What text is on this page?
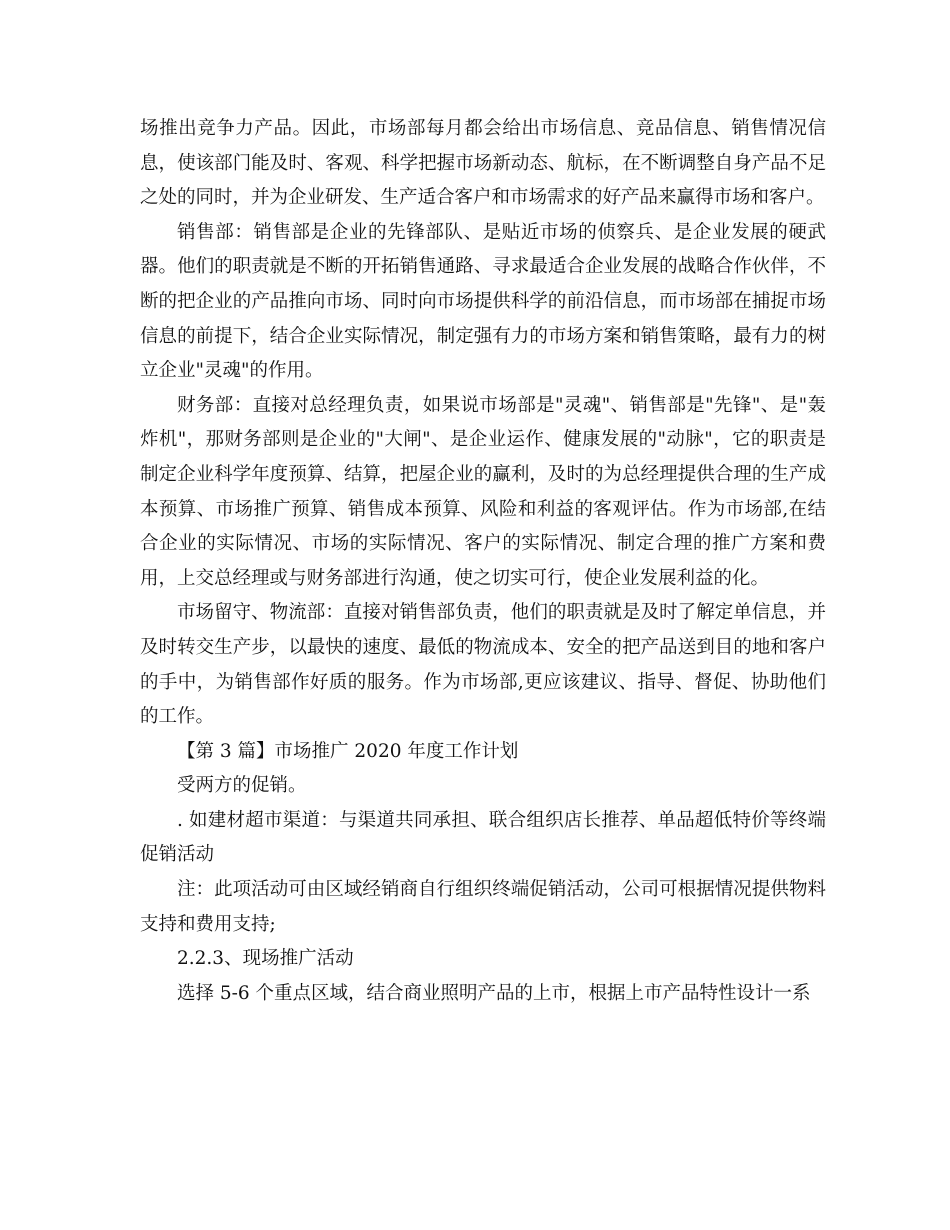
场推出竞争力产品。因此，市场部每月都会给出市场信息、竞品信息、销售情况信息，使该部门能及时、客观、科学把握市场新动态、航标，在不断调整自身产品不足之处的同时，并为企业研发、生产适合客户和市场需求的好产品来赢得市场和客户。

销售部：销售部是企业的先锋部队、是贴近市场的侦察兵、是企业发展的硬武器。他们的职责就是不断的开拓销售通路、寻求最适合企业发展的战略合作伙伴，不断的把企业的产品推向市场、同时向市场提供科学的前沿信息，而市场部在捕捉市场信息的前提下，结合企业实际情况，制定强有力的市场方案和销售策略，最有力的树立企业"灵魂"的作用。

财务部：直接对总经理负责，如果说市场部是"灵魂"、销售部是"先锋"、是"轰炸机"，那财务部则是企业的"大闸"、是企业运作、健康发展的"动脉"，它的职责是制定企业科学年度预算、结算，把屋企业的赢利，及时的为总经理提供合理的生产成本预算、市场推广预算、销售成本预算、风险和利益的客观评估。作为市场部,在结合企业的实际情况、市场的实际情况、客户的实际情况、制定合理的推广方案和费用，上交总经理或与财务部进行沟通，使之切实可行，使企业发展利益的化。

市场留守、物流部：直接对销售部负责，他们的职责就是及时了解定单信息，并及时转交生产步，以最快的速度、最低的物流成本、安全的把产品送到目的地和客户的手中，为销售部作好质的服务。作为市场部,更应该建议、指导、督促、协助他们的工作。

【第 3 篇】市场推广 2020 年度工作计划

受两方的促销。

. 如建材超市渠道：与渠道共同承担、联合组织店长推荐、单品超低特价等终端促销活动

注：此项活动可由区域经销商自行组织终端促销活动，公司可根据情况提供物料支持和费用支持;

2.2.3、现场推广活动

选择 5-6 个重点区域，结合商业照明产品的上市，根据上市产品特性设计一系
